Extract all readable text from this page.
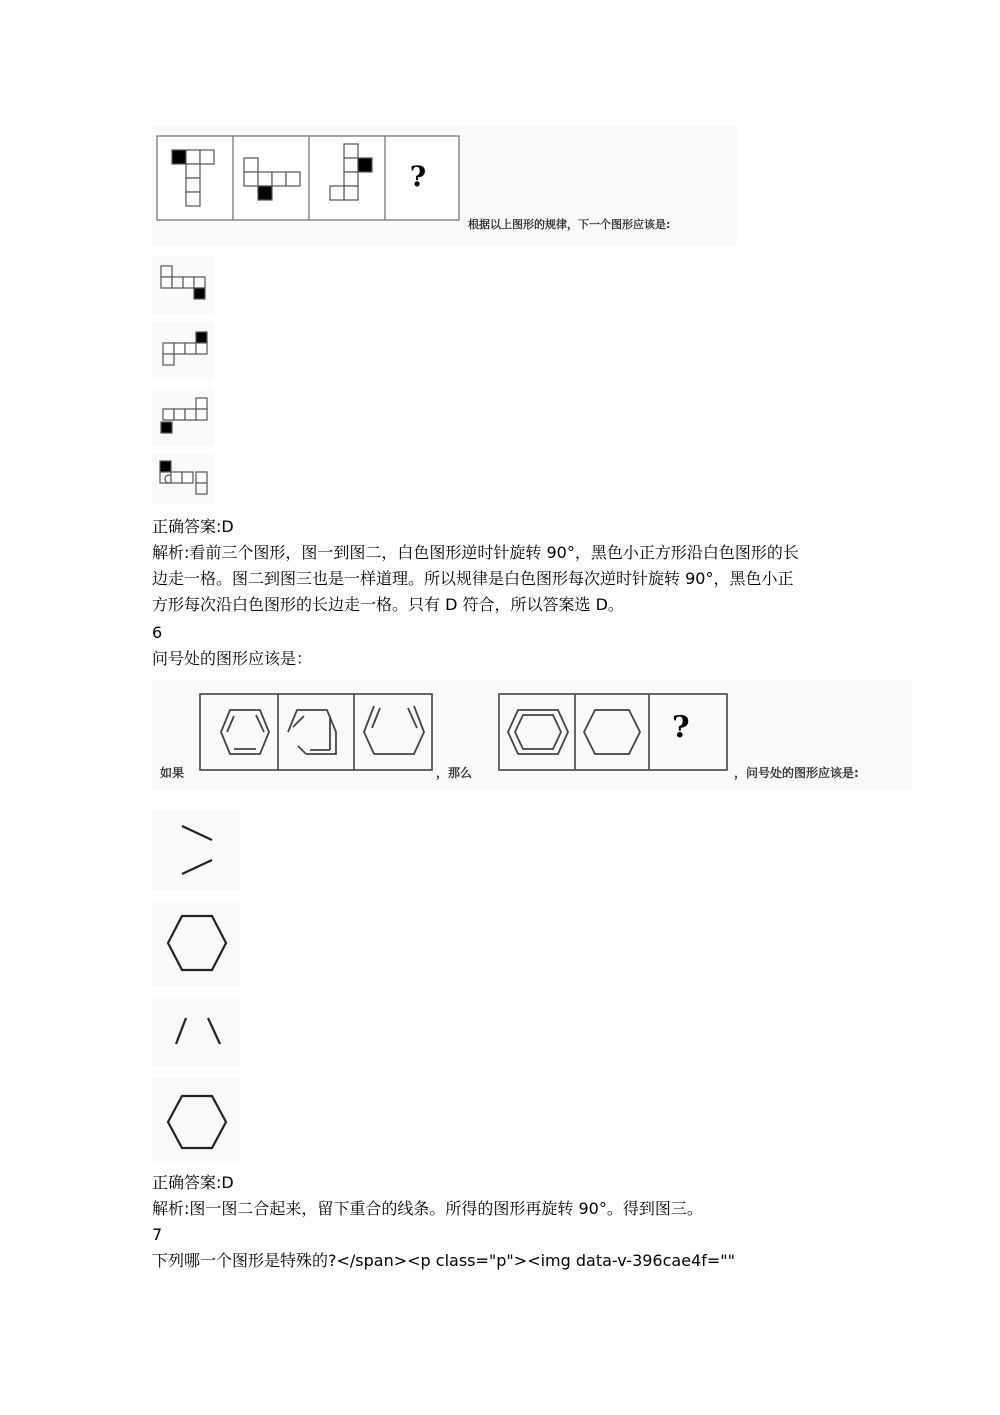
?
根据以上图形的规律，下一个图形应该是:
正确答案:D
解析:看前三个图形，图一到图二，白色图形逆时针旋转 90°，黑色小正方形沿白色图形的长
边走一格。图二到图三也是一样道理。所以规律是白色图形每次逆时针旋转 90°，黑色小正
方形每次沿白色图形的长边走一格。只有 D 符合，所以答案选 D。
6
问号处的图形应该是：
如果	，那么	，问号处的图形应该是:
?
正确答案:D
解析:图一图二合起来，留下重合的线条。所得的图形再旋转 90°。得到图三。
7
下列哪一个图形是特殊的?</span><p class="p"><img data-v-396cae4f=""
